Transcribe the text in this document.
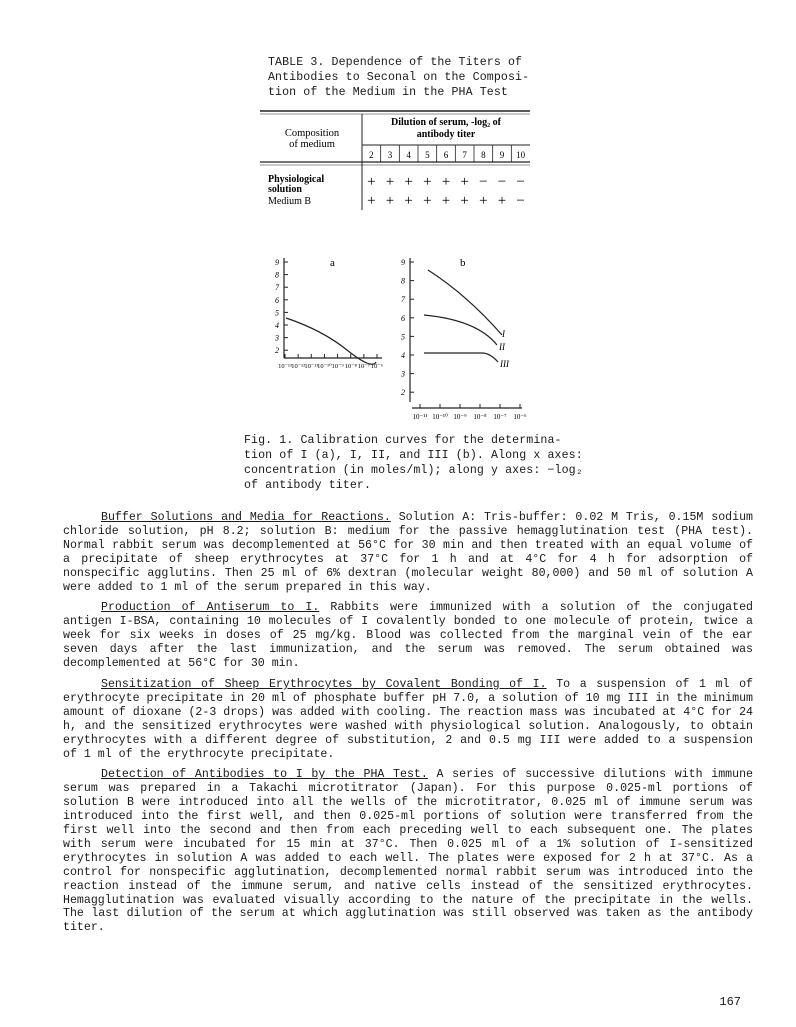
TABLE 3. Dependence of the Titers of
Antibodies to Seconal on the Composi-
tion of the Medium in the PHA Test
Composition
of medium
Dilution of serum, -log₂ of
antibody titer
2 3 4 5 6 7 8 9 10
Physiological
solution
Medium B
+ + + + + + − − −
+ + + + + + + + −
a
9
8
7
6
5
4
3
2
10⁻¹³ 10⁻¹² 10⁻¹¹
10⁻¹⁰ 10⁻⁹ 10⁻⁸ 10⁻⁷ 10⁻⁶
b
I
II
III
9
8
7
6
5
4
3
2
10⁻¹¹ 10⁻¹⁰ 10⁻⁹ 10⁻⁸ 10⁻⁷ 10⁻⁶
Fig. 1. Calibration curves for the determina-
tion of I (a), I, II, and III (b). Along x axes:
concentration (in moles/ml); along y axes: −log₂
of antibody titer.

Buffer Solutions and Media for Reactions. Solution A: Tris-buffer: 0.02 M Tris, 0.15M sodium chloride solution, pH 8.2; solution B: medium for the passive hemagglutination test (PHA test). Normal rabbit serum was decomplemented at 56°C for 30 min and then treated with an equal volume of a precipitate of sheep erythrocytes at 37°C for 1 h and at 4°C for 4 h for adsorption of nonspecific agglutins. Then 25 ml of 6% dextran (molecular weight 80,000) and 50 ml of solution A were added to 1 ml of the serum prepared in this way.

Production of Antiserum to I. Rabbits were immunized with a solution of the conjugated antigen I-BSA, containing 10 molecules of I covalently bonded to one molecule of protein, twice a week for six weeks in doses of 25 mg/kg. Blood was collected from the marginal vein of the ear seven days after the last immunization, and the serum was removed. The serum obtained was decomplemented at 56°C for 30 min.

Sensitization of Sheep Erythrocytes by Covalent Bonding of I. To a suspension of 1 ml of erythrocyte precipitate in 20 ml of phosphate buffer pH 7.0, a solution of 10 mg III in the minimum amount of dioxane (2-3 drops) was added with cooling. The reaction mass was incubated at 4°C for 24 h, and the sensitized erythrocytes were washed with physiological solution. Analogously, to obtain erythrocytes with a different degree of substitution, 2 and 0.5 mg III were added to a suspension of 1 ml of the erythrocyte precipitate.

Detection of Antibodies to I by the PHA Test. A series of successive dilutions with immune serum was prepared in a Takachi microtitrator (Japan). For this purpose 0.025-ml portions of solution B were introduced into all the wells of the microtitrator, 0.025 ml of immune serum was introduced into the first well, and then 0.025-ml portions of solution were transferred from the first well into the second and then from each preceding well to each subsequent one. The plates with serum were incubated for 15 min at 37°C. Then 0.025 ml of a 1% solution of I-sensitized erythrocytes in solution A was added to each well. The plates were exposed for 2 h at 37°C. As a control for nonspecific agglutination, decomplemented normal rabbit serum was introduced into the reaction instead of the immune serum, and native cells instead of the sensitized erythrocytes. Hemagglutination was evaluated visually according to the nature of the precipitate in the wells. The last dilution of the serum at which agglutination was still observed was taken as the antibody titer.

167
